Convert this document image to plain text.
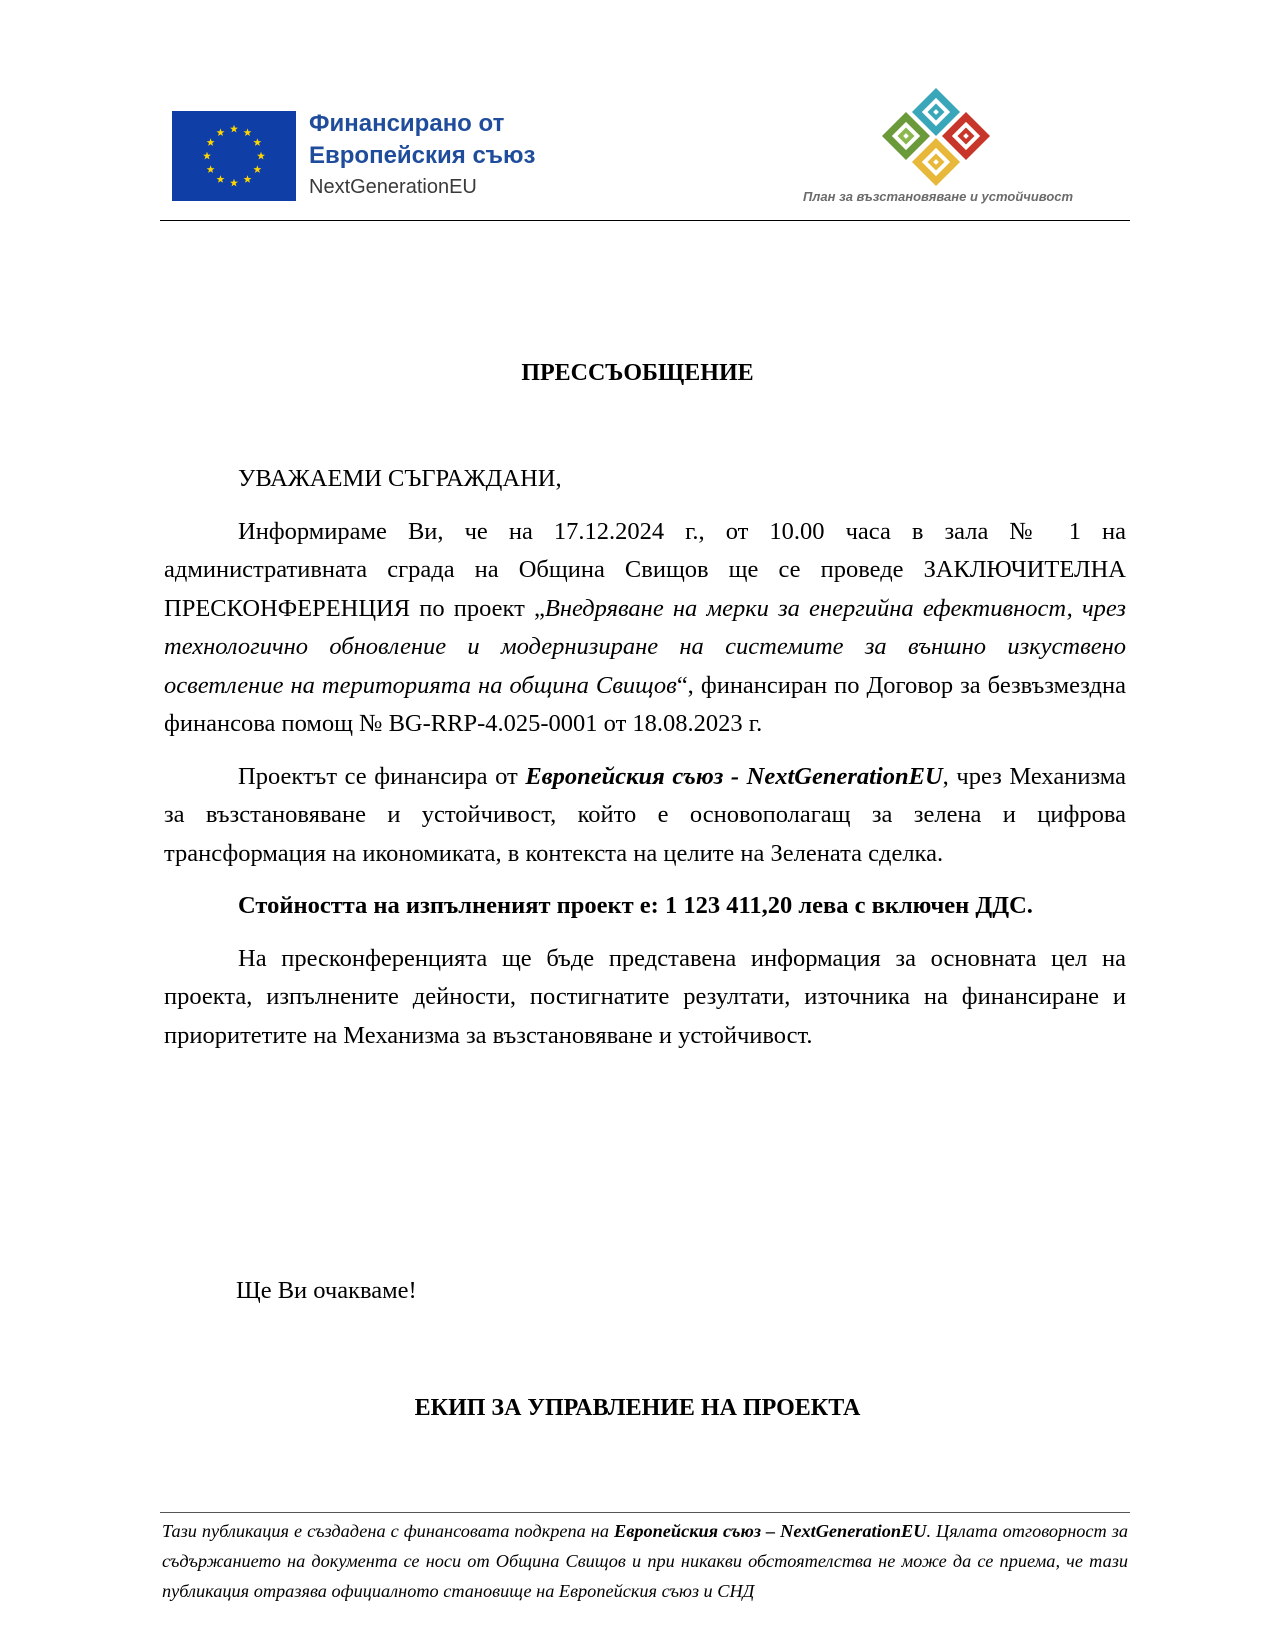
Финансирано от
Европейския съюз
NextGenerationEU	План за възстановяване и устойчивост
ПРЕССЪОБЩЕНИЕ

УВАЖАЕМИ СЪГРАЖДАНИ,

Информираме Ви, че на 17.12.2024 г., от 10.00 часа в зала № 1 на административната сграда на Община Свищов ще се проведе ЗАКЛЮЧИТЕЛНА ПРЕСКОНФЕРЕНЦИЯ по проект „Внедряване на мерки за енергийна ефективност, чрез технологично обновление и модернизиране на системите за външно изкуствено осветление на територията на община Свищов“, финансиран по Договор за безвъзмездна финансова помощ № BG-RRP-4.025-0001 от 18.08.2023 г.

Проектът се финансира от Европейския съюз - NextGenerationEU, чрез Механизма за възстановяване и устойчивост, който е основополагащ за зелена и цифрова трансформация на икономиката, в контекста на целите на Зелената сделка.

Стойността на изпълненият проект е: 1 123 411,20 лева с включен ДДС.

На пресконференцията ще бъде представена информация за основната цел на проекта, изпълнените дейности, постигнатите резултати, източника на финансиране и приоритетите на Механизма за възстановяване и устойчивост.

Ще Ви очакваме!
ЕКИП ЗА УПРАВЛЕНИЕ НА ПРОЕКТА
Тази публикация е създадена с финансовата подкрепа на Европейския съюз – NextGenerationEU. Цялата отговорност за съдържанието на документа се носи от Община Свищов и при никакви обстоятелства не може да се приема, че тази публикация отразява официалното становище на Европейския съюз и СНД
